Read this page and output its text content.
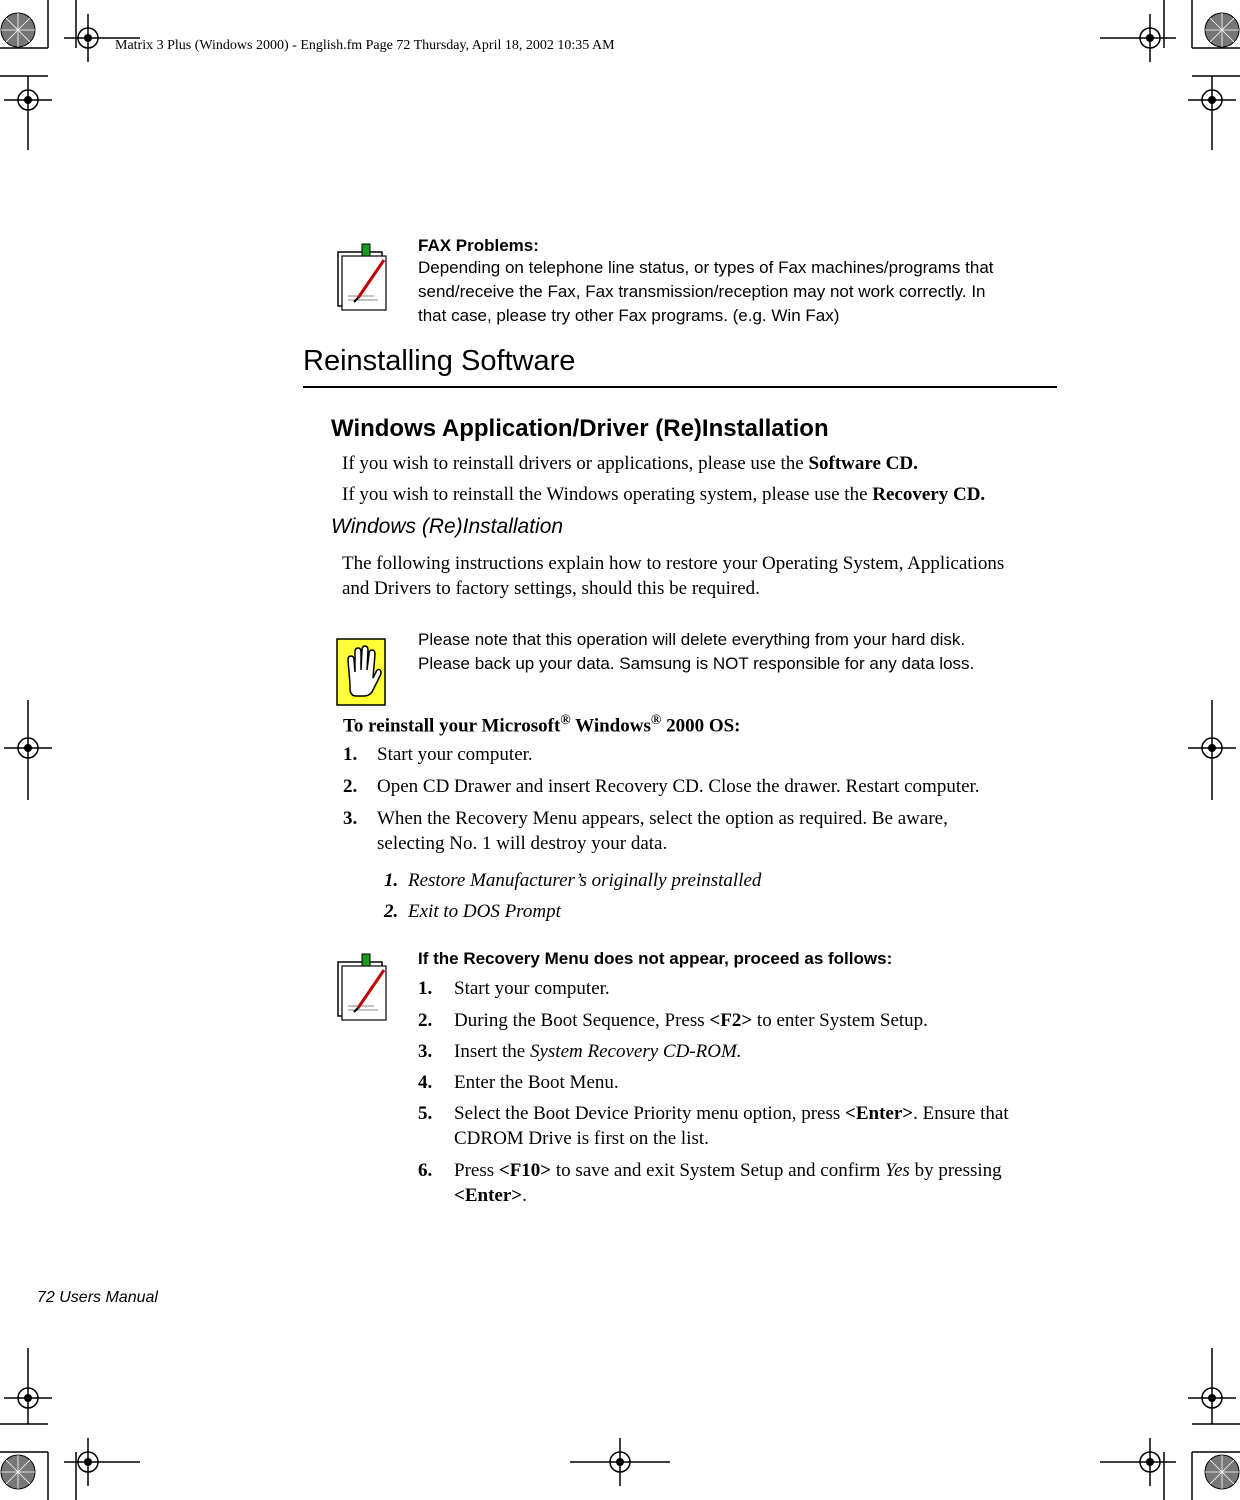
Matrix 3 Plus (Windows 2000) - English.fm Page 72 Thursday, April 18, 2002 10:35 AM
FAX Problems:
Depending on telephone line status, or types of Fax machines/programs that
send/receive the Fax, Fax transmission/reception may not work correctly. In
that case, please try other Fax programs. (e.g. Win Fax)
Reinstalling Software
Windows Application/Driver (Re)Installation
If you wish to reinstall drivers or applications, please use the Software CD.
If you wish to reinstall the Windows operating system, please use the Recovery CD.
Windows (Re)Installation
The following instructions explain how to restore your Operating System, Applications
and Drivers to factory settings, should this be required.
Please note that this operation will delete everything from your hard disk.
Please back up your data. Samsung is NOT responsible for any data loss.
To reinstall your Microsoft® Windows® 2000 OS:
1. Start your computer.
2. Open CD Drawer and insert Recovery CD. Close the drawer. Restart computer.
3. When the Recovery Menu appears, select the option as required. Be aware,
selecting No. 1 will destroy your data.
1. Restore Manufacturer’s originally preinstalled
2. Exit to DOS Prompt
If the Recovery Menu does not appear, proceed as follows:
1. Start your computer.
2. During the Boot Sequence, Press <F2> to enter System Setup.
3. Insert the System Recovery CD-ROM.
4. Enter the Boot Menu.
5. Select the Boot Device Priority menu option, press <Enter>. Ensure that
CDROM Drive is first on the list.
6. Press <F10> to save and exit System Setup and confirm Yes by pressing
<Enter>.
72 Users Manual
